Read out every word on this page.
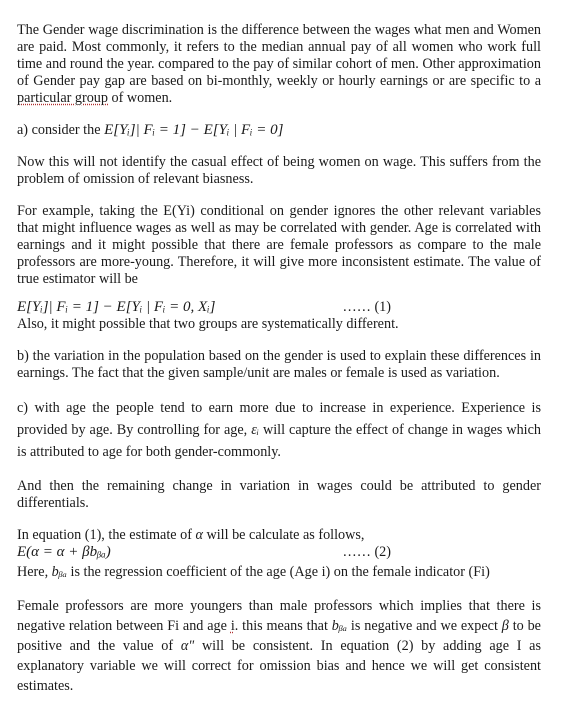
The Gender wage discrimination is the difference between the wages what men and Women are paid. Most commonly, it refers to the median annual pay of all women who work full time and round the year. compared to the pay of similar cohort of men. Other approximation of Gender pay gap are based on bi-monthly, weekly or hourly earnings or are specific to a particular group of women.

a) consider the E[Yᵢ]| Fᵢ = 1] − E[Yᵢ | Fᵢ = 0]

Now this will not identify the casual effect of being women on wage. This suffers from the problem of omission of relevant biasness.

For example, taking the E(Yi) conditional on gender ignores the other relevant variables that might influence wages as well as may be correlated with gender. Age is correlated with earnings and it might possible that there are female professors as compare to the male professors are more-young. Therefore, it will give more inconsistent estimate. The value of true estimator will be

E[Yᵢ]| Fᵢ = 1] − E[Yᵢ | Fᵢ = 0, Xᵢ]	…… (1)

Also, it might possible that two groups are systematically different.

b) the variation in the population based on the gender is used to explain these differences in earnings. The fact that the given sample/unit are males or female is used as variation.

c) with age the people tend to earn more due to increase in experience. Experience is provided by age. By controlling for age, εᵢ will capture the effect of change in wages which is attributed to age for both gender-commonly.

And then the remaining change in variation in wages could be attributed to gender differentials.

In equation (1), the estimate of α will be calculate as follows,

E(α = α + βbᵦₐ)	…… (2)

Here, bᵦₐ is the regression coefficient of the age (Age i) on the female indicator (Fi)

Female professors are more youngers than male professors which implies that there is negative relation between Fi and age i. this means that bᵦₐ is negative and we expect β to be positive and the value of αʺ will be consistent. In equation (2) by adding age I as explanatory variable we will correct for omission bias and hence we will get consistent estimates.
